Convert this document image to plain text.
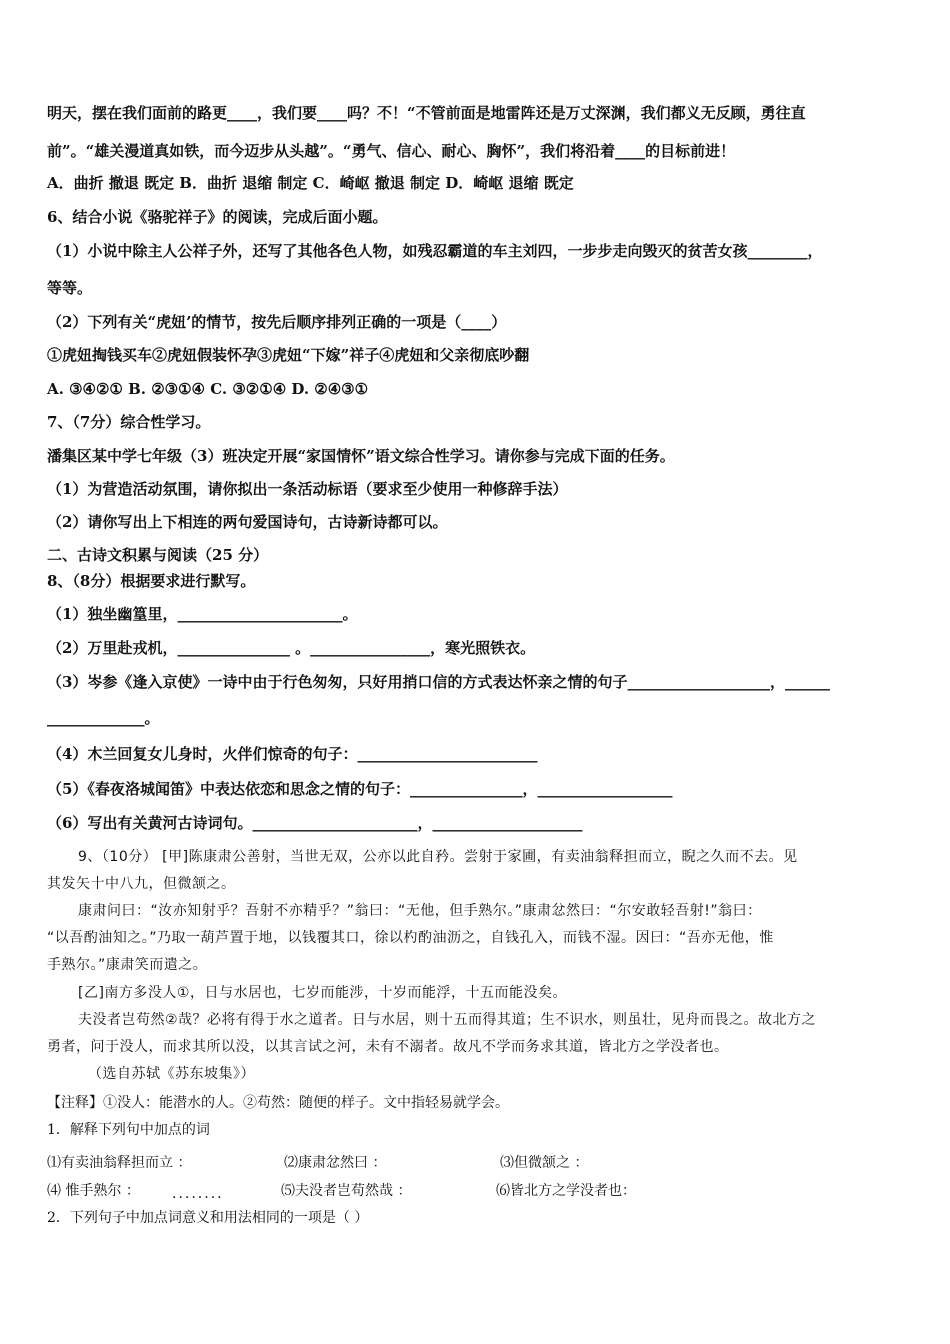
明天，摆在我们面前的路更____，我们要____吗？不！“不管前面是地雷阵还是万丈深渊，我们都义无反顾，勇往直
前”。“雄关漫道真如铁，而今迈步从头越”。“勇气、信心、耐心、胸怀”，我们将沿着____的目标前进！
A．曲折 撤退 既定 B．曲折 退缩 制定 C．崎岖 撤退 制定 D．崎岖 退缩 既定
6、结合小说《骆驼祥子》的阅读，完成后面小题。
（1）小说中除主人公祥子外，还写了其他各色人物，如残忍霸道的车主刘四，一步步走向毁灭的贫苦女孩________，
等等。
（2）下列有关“虎妞’的情节，按先后顺序排列正确的一项是（____）
①虎妞掏钱买车②虎妞假装怀孕③虎妞“下嫁”祥子④虎妞和父亲彻底吵翻
A. ③④②① B. ②③①④ C. ③②①④ D. ②④③①
7、（7分）综合性学习。
潘集区某中学七年级（3）班决定开展“家国情怀”语文综合性学习。请你参与完成下面的任务。
（1）为营造活动氛围，请你拟出一条活动标语（要求至少使用一种修辞手法）
（2）请你写出上下相连的两句爱国诗句，古诗新诗都可以。
二、古诗文积累与阅读（25 分）
8、（8分）根据要求进行默写。
（1）独坐幽篁里，______________________。
（2）万里赴戎机，_______________ 。________________，寒光照铁衣。
（3）岑参《逢入京使》一诗中由于行色匆匆，只好用捎口信的方式表达怀亲之情的句子___________________，______
_____________。
（4）木兰回复女儿身时，火伴们惊奇的句子：________________________
（5）《春夜洛城闻笛》中表达依恋和思念之情的句子：_______________，__________________
（6）写出有关黄河古诗词句。______________________，____________________
9、（10分） [甲]陈康肃公善射，当世无双，公亦以此自矜。尝射于家圃，有卖油翁释担而立，睨之久而不去。见
其发矢十中八九，但微颔之。
康肃问曰：“汝亦知射乎？吾射不亦精乎？”翁曰：“无他，但手熟尔。”康肃忿然曰：“尔安敢轻吾射!”翁曰：
“以吾酌油知之。”乃取一葫芦置于地，以钱覆其口，徐以杓酌油沥之，自钱孔入，而钱不湿。因曰：“吾亦无他，惟
手熟尔。”康肃笑而遣之。
[乙]南方多没人①，日与水居也，七岁而能涉，十岁而能浮，十五而能没矣。
夫没者岂苟然②哉？必将有得于水之道者。日与水居，则十五而得其道；生不识水，则虽壮，见舟而畏之。故北方之
勇者，问于没人，而求其所以没，以其言试之河，未有不溺者。故凡不学而务求其道，皆北方之学没者也。
（选自苏轼《苏东坡集》）
【注释】①没人：能潜水的人。②苟然：随便的样子。文中指轻易就学会。
1．解释下列句中加点的词
⑴有卖油翁释担而立 ：	⑵康肃忿然曰 ：	⑶但微颔之 ：
⑷ 惟手熟尔 ： ........	⑸夫没者岂苟然哉 ：	⑹皆北方之学没者也：
2．下列句子中加点词意义和用法相同的一项是（ ）
